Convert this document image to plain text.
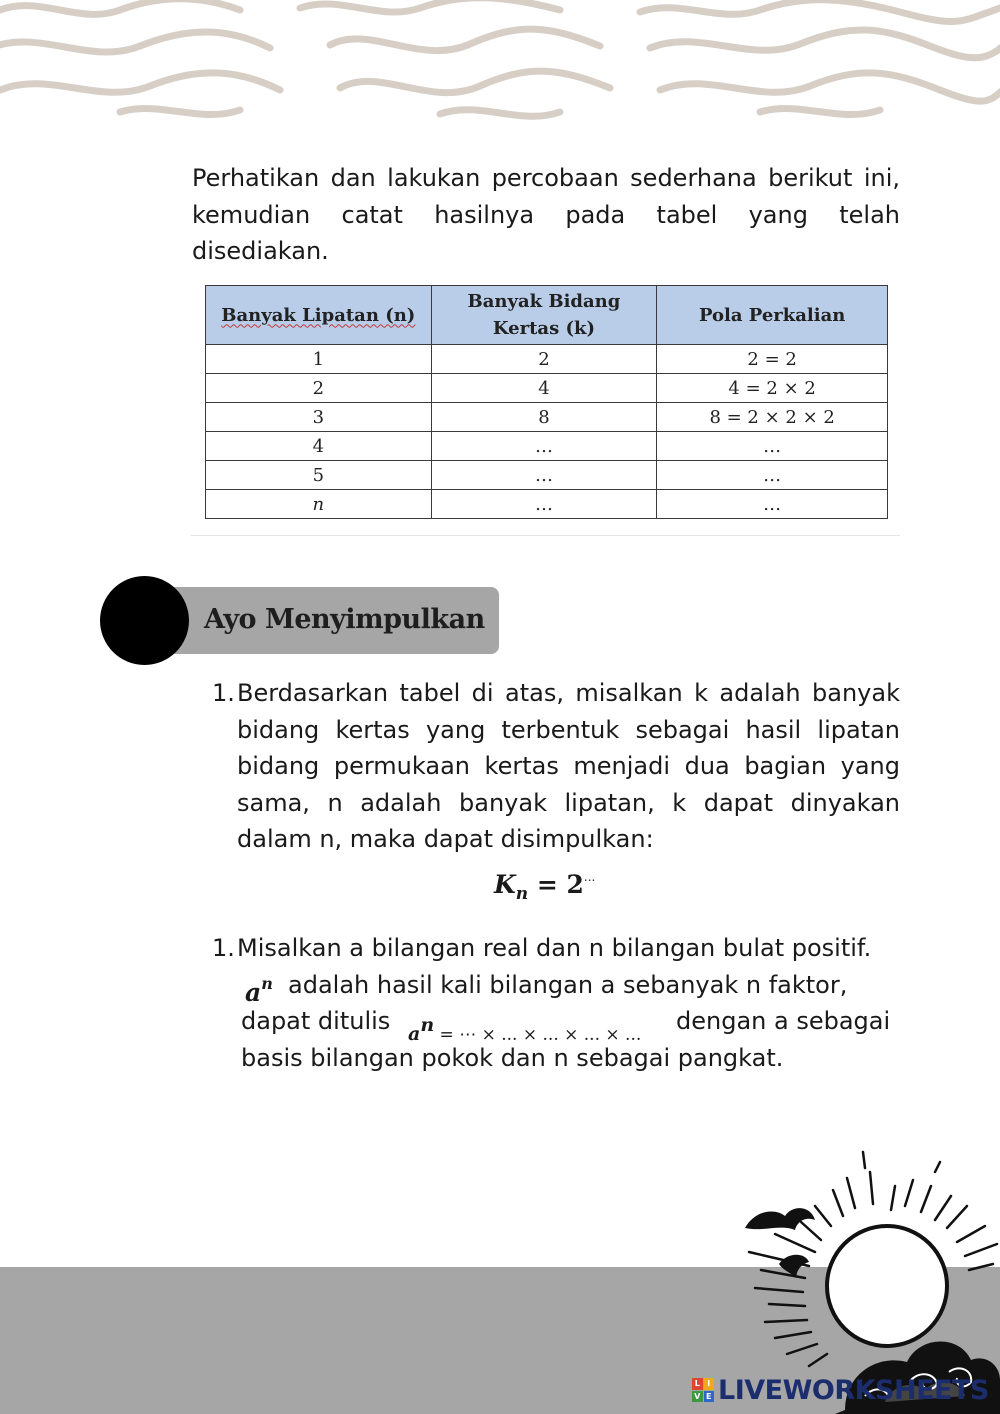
Perhatikan dan lakukan percobaan sederhana berikut ini, kemudian catat hasilnya pada tabel yang telah disediakan.
Banyak Lipatan (n)	Banyak Bidang Kertas (k)	Pola Perkalian
1	2	2 = 2
2	4	4 = 2 × 2
3	8	8 = 2 × 2 × 2
4	…	…
5	…	…
n	…	…
Ayo Menyimpulkan
1. Berdasarkan tabel di atas, misalkan k adalah banyak bidang kertas yang terbentuk sebagai hasil lipatan bidang permukaan kertas menjadi dua bagian yang sama, n adalah banyak lipatan, k dapat dinyakan dalam n, maka dapat disimpulkan:
$K_n = 2^{...}$
1. Misalkan a bilangan real dan n bilangan bulat positif.
$a^n$ adalah hasil kali bilangan a sebanyak n faktor,
dapat ditulis $a^n$ = ⋯ × ... × ... × ... × ... dengan a sebagai
basis bilangan pokok dan n sebagai pangkat.
L I
V E LIVEWORKSHEETS
